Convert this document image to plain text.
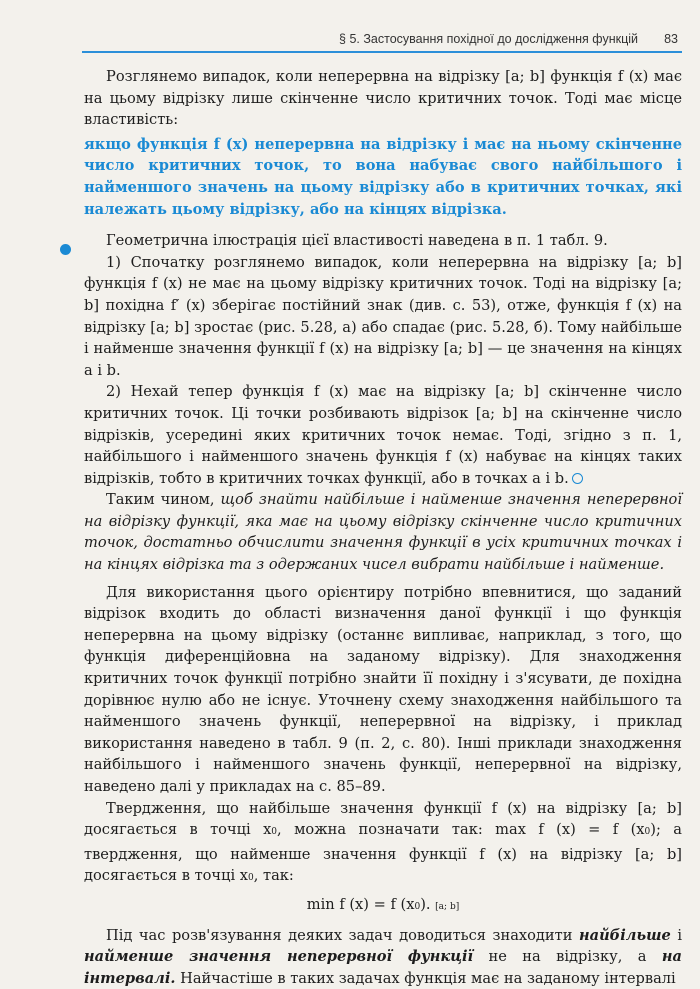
§ 5. Застосування похідної до дослідження функцій 83

Розглянемо випадок, коли неперервна на відрізку [a; b] функція f (x) має на цьому відрізку лише скінченне число критичних точок. Тоді має місце властивість:

якщо функція f (x) неперервна на відрізку і має на ньому скінченне число критичних точок, то вона набуває свого найбільшого і найменшого значень на цьому відрізку або в критичних точках, які належать цьому відрізку, або на кінцях відрізка.

Геометрична ілюстрація цієї властивості наведена в п. 1 табл. 9.

1) Спочатку розглянемо випадок, коли неперервна на відрізку [a; b] функція f (x) не має на цьому відрізку критичних точок. Тоді на відрізку [a; b] похідна f′ (x) зберігає постійний знак (див. с. 53), отже, функція f (x) на відрізку [a; b] зростає (рис. 5.28, а) або спадає (рис. 5.28, б). Тому найбільше і найменше значення функції f (x) на відрізку [a; b] — це значення на кінцях a і b.

2) Нехай тепер функція f (x) має на відрізку [a; b] скінченне число критичних точок. Ці точки розбивають відрізок [a; b] на скінченне число відрізків, усередині яких критичних точок немає. Тоді, згідно з п. 1, найбільшого і найменшого значень функція f (x) набуває на кінцях таких відрізків, тобто в критичних точках функції, або в точках a і b.

Таким чином, щоб знайти найбільше і найменше значення неперервної на відрізку функції, яка має на цьому відрізку скінченне число критичних точок, достатньо обчислити значення функції в усіх критичних точках і на кінцях відрізка та з одержаних чисел вибрати найбільше і найменше.

Для використання цього орієнтиру потрібно впевнитися, що заданий відрізок входить до області визначення даної функції і що функція неперервна на цьому відрізку (останнє випливає, наприклад, з того, що функція диференційовна на заданому відрізку). Для знаходження критичних точок функції потрібно знайти її похідну і з'ясувати, де похідна дорівнює нулю або не існує. Уточнену схему знаходження найбільшого та найменшого значень функції, неперервної на відрізку, і приклад використання наведено в табл. 9 (п. 2, с. 80). Інші приклади знаходження найбільшого і найменшого значень функції, неперервної на відрізку, наведено далі у прикладах на с. 85–89.

Твердження, що найбільше значення функції f (x) на відрізку [a; b] досягається в точці x0, можна позначати так: max f (x) = f (x0); а твердження, що найменше значення функції f (x) на відрізку [a; b] досягається в точці x0, так:

min f (x) = f (x0). [a; b]

Під час розв'язування деяких задач доводиться знаходити найбільше і найменше значення неперервної функції не на відрізку, а на інтервалі. Найчастіше в таких задачах функція має на заданому інтервалі
